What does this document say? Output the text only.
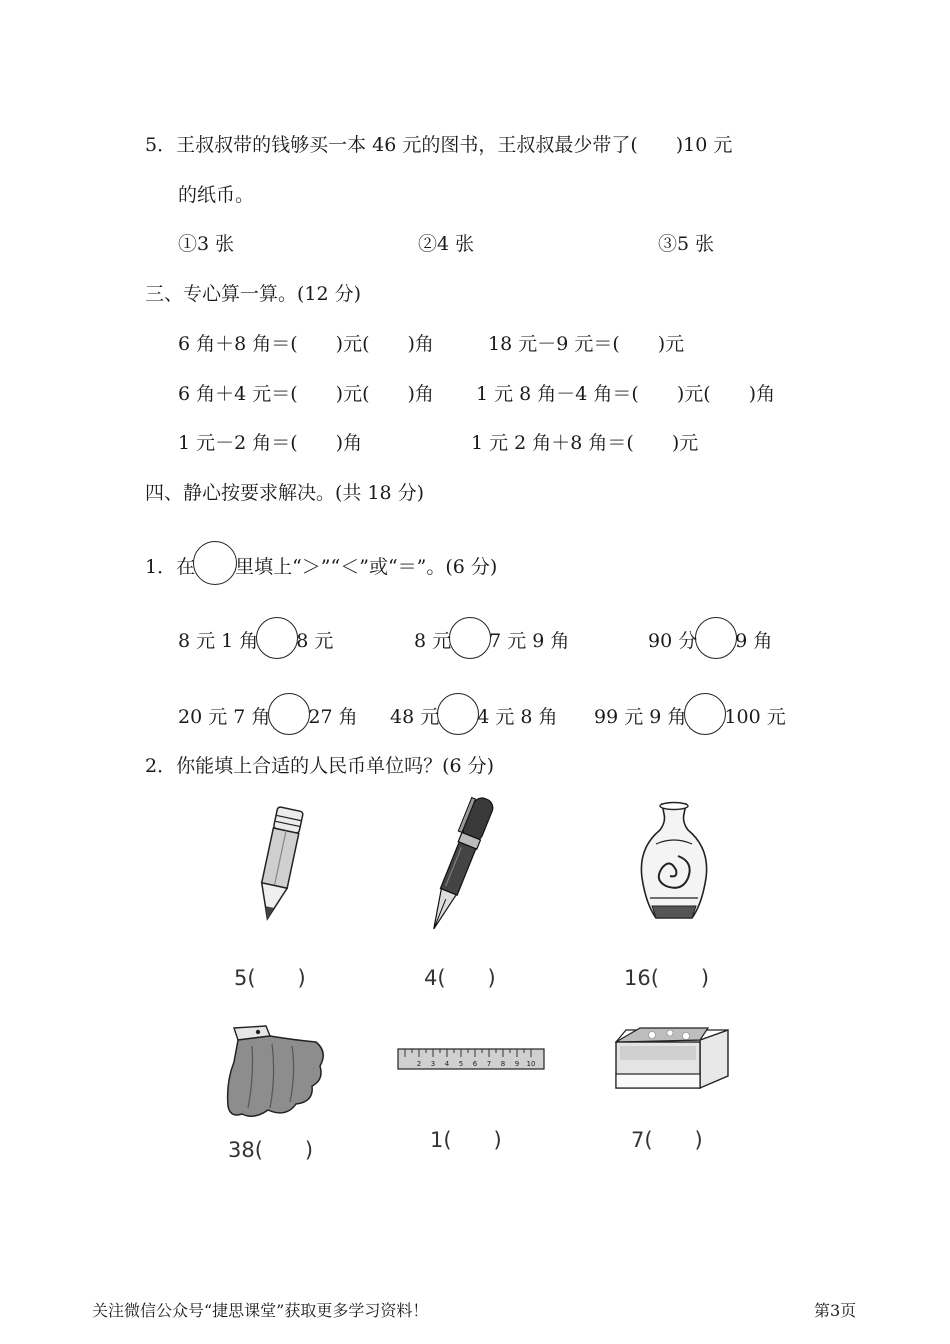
5．王叔叔带的钱够买一本 46 元的图书，王叔叔最少带了(　　)10 元
的纸币。
①3 张	②4 张	③5 张
三、专心算一算。(12 分)
6 角＋8 角＝(　　)元(　　)角	18 元－9 元＝(　　)元
6 角＋4 元＝(　　)元(　　)角 1 元 8 角－4 角＝(　　)元(　　)角
1 元－2 角＝(　　)角	1 元 2 角＋8 角＝(　　)元
四、静心按要求解决。(共 18 分)
1．在 里填上“＞”“＜”或“＝”。(6 分)
8 元 1 角 8 元	8 元 7 元 9 角	90 分 9 角
20 元 7 角 27 角 48 元 4 元 8 角 99 元 9 角 100 元
2．你能填上合适的人民币单位吗？(6 分)
5(　　)	4(　　)	16(　　)
38(　　)
2 3 4 5 6 7 8 9 10
1(　　)	7(　　)
关注微信公众号“捷思课堂”获取更多学习资料！	第3页
